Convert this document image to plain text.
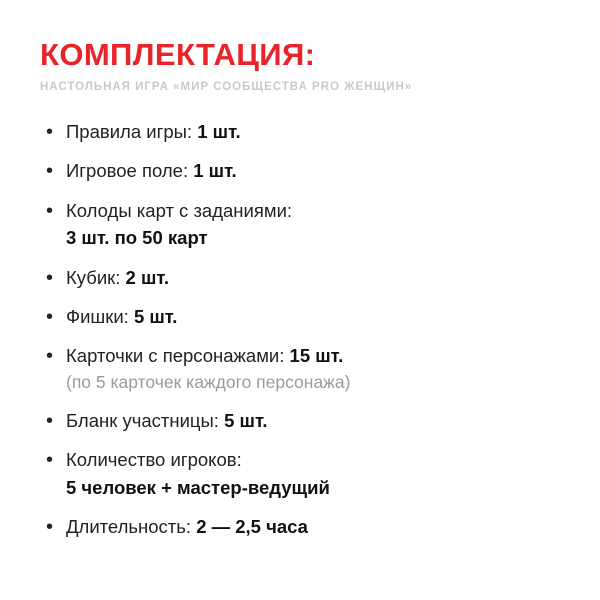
КОМПЛЕКТАЦИЯ:
НАСТОЛЬНАЯ ИГРА «МИР СООБЩЕСТВА PRO ЖЕНЩИН»
• Правила игры: 1 шт.
• Игровое поле: 1 шт.
• Колоды карт с заданиями:
3 шт. по 50 карт
• Кубик: 2 шт.
• Фишки: 5 шт.
• Карточки с персонажами: 15 шт.
(по 5 карточек каждого персонажа)
• Бланк участницы: 5 шт.
• Количество игроков:
5 человек + мастер-ведущий
• Длительность: 2 — 2,5 часа
